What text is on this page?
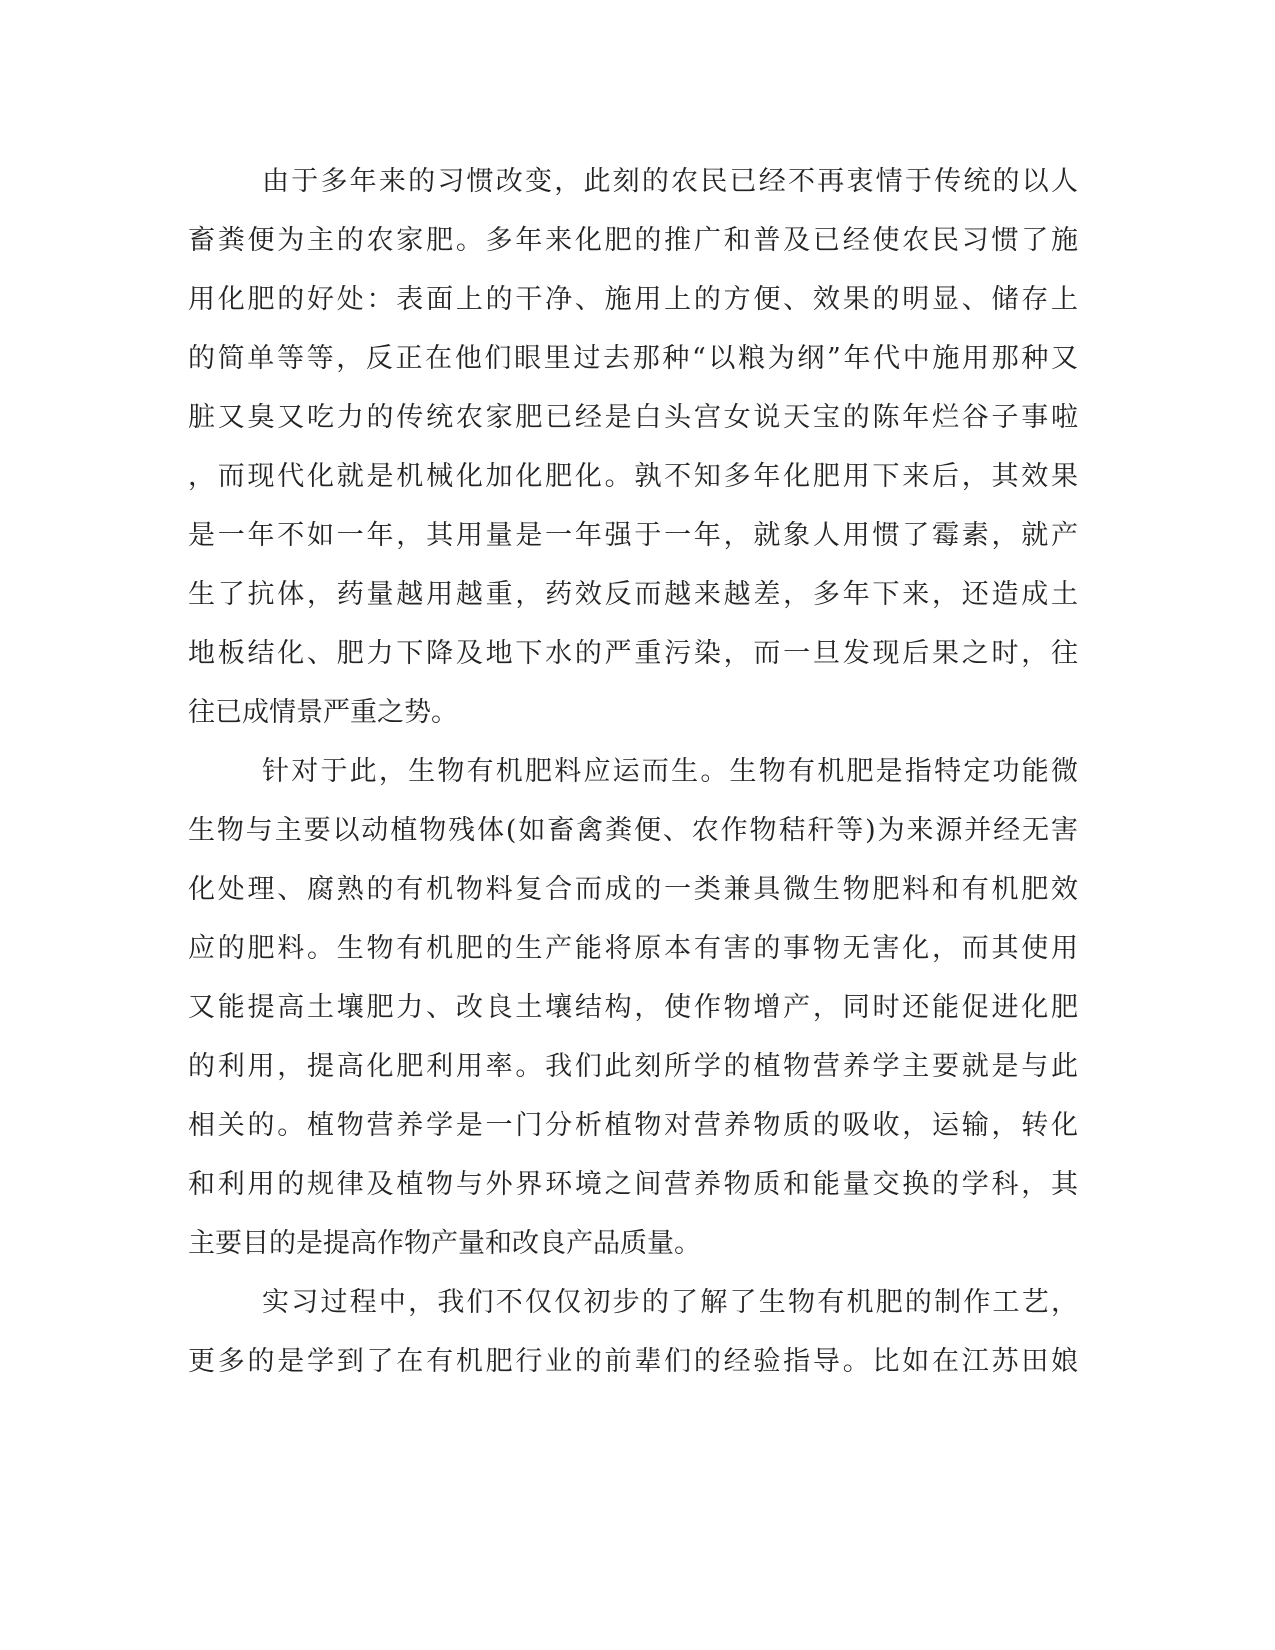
由于多年来的习惯改变，此刻的农民已经不再衷情于传统的以人
畜粪便为主的农家肥。多年来化肥的推广和普及已经使农民习惯了施
用化肥的好处：表面上的干净、施用上的方便、效果的明显、储存上
的简单等等，反正在他们眼里过去那种“以粮为纲”年代中施用那种又
脏又臭又吃力的传统农家肥已经是白头宫女说天宝的陈年烂谷子事啦
，而现代化就是机械化加化肥化。孰不知多年化肥用下来后，其效果
是一年不如一年，其用量是一年强于一年，就象人用惯了霉素，就产
生了抗体，药量越用越重，药效反而越来越差，多年下来，还造成土
地板结化、肥力下降及地下水的严重污染，而一旦发现后果之时，往
往已成情景严重之势。
针对于此，生物有机肥料应运而生。生物有机肥是指特定功能微
生物与主要以动植物残体(如畜禽粪便、农作物秸秆等)为来源并经无害
化处理、腐熟的有机物料复合而成的一类兼具微生物肥料和有机肥效
应的肥料。生物有机肥的生产能将原本有害的事物无害化，而其使用
又能提高土壤肥力、改良土壤结构，使作物增产，同时还能促进化肥
的利用，提高化肥利用率。我们此刻所学的植物营养学主要就是与此
相关的。植物营养学是一门分析植物对营养物质的吸收，运输，转化
和利用的规律及植物与外界环境之间营养物质和能量交换的学科，其
主要目的是提高作物产量和改良产品质量。
实习过程中，我们不仅仅初步的了解了生物有机肥的制作工艺，
更多的是学到了在有机肥行业的前辈们的经验指导。比如在江苏田娘
